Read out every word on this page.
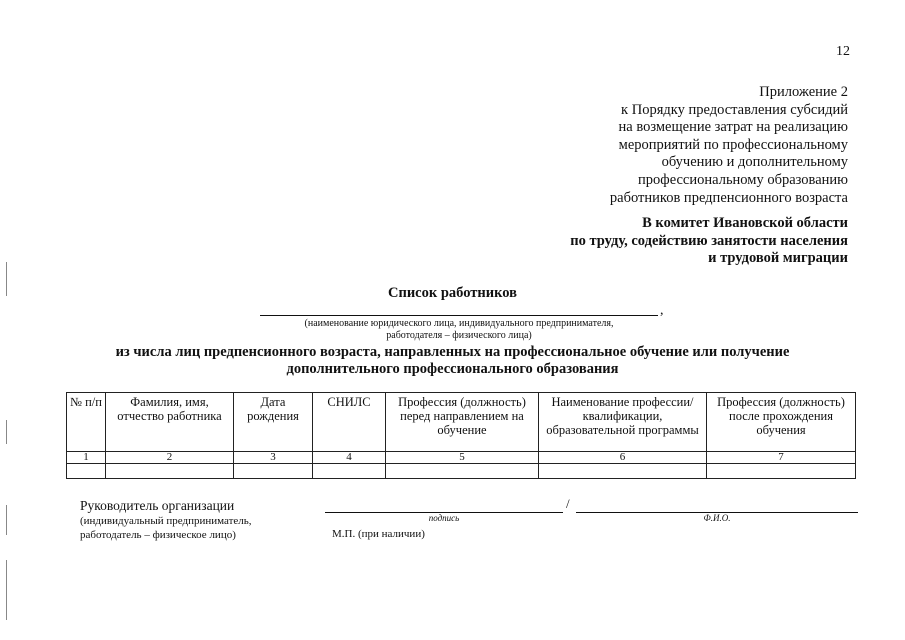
12
Приложение 2
к Порядку предоставления субсидий
на возмещение затрат на реализацию
мероприятий по профессиональному
обучению и дополнительному
профессиональному образованию
работников предпенсионного возраста
В комитет Ивановской области
по труду, содействию занятости населения
и трудовой миграции
Список работников
,
(наименование юридического лица, индивидуального предпринимателя,
работодателя – физического лица)
из числа лиц предпенсионного возраста, направленных на профессиональное обучение или получение
дополнительного профессионального образования
№ п/п	Фамилия, имя, отчество работника	Дата рождения	СНИЛС	Профессия (должность) перед направлением на обучение	Наименование профессии/квалификации, образовательной программы	Профессия (должность) после прохождения обучения
1	2	3	4	5	6	7

Руководитель организации
(индивидуальный предприниматель,
работодатель – физическое лицо)
/
подпись	Ф.И.О.
М.П. (при наличии)
